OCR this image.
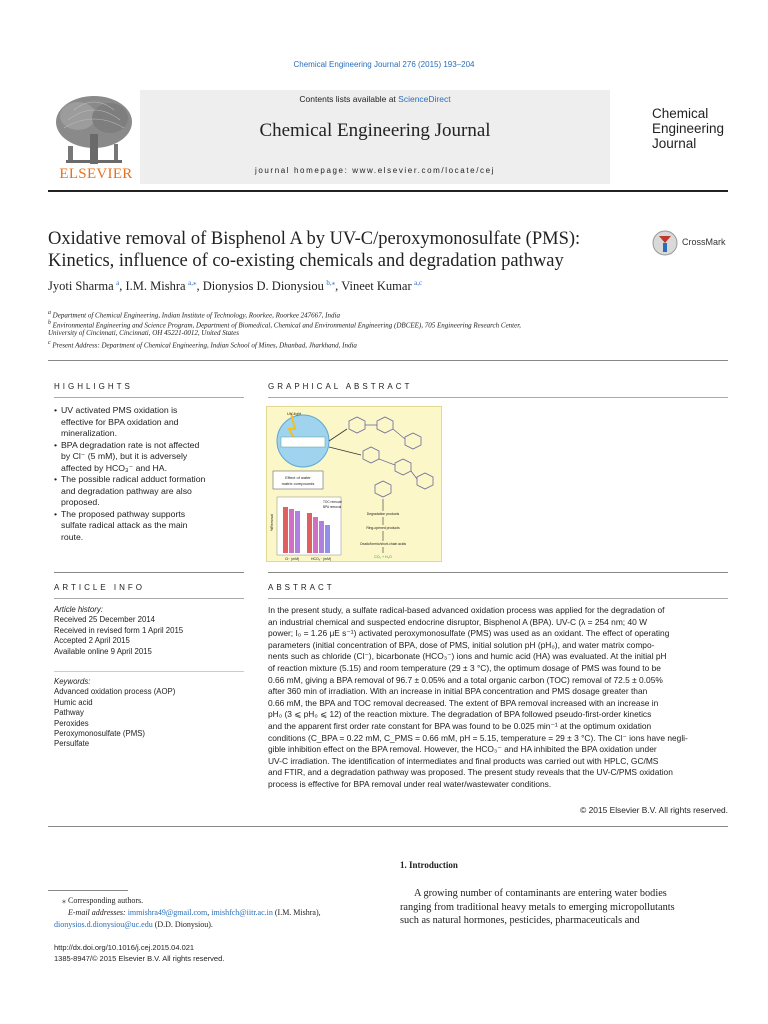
Chemical Engineering Journal 276 (2015) 193–204
ELSEVIER
Contents lists available at ScienceDirect
Chemical Engineering Journal
journal homepage: www.elsevier.com/locate/cej
Chemical
Engineering
Journal
Oxidative removal of Bisphenol A by UV-C/peroxymonosulfate (PMS):
Kinetics, influence of co-existing chemicals and degradation pathway
CrossMark
Jyoti Sharma  $^a$, I.M. Mishra  $^{a,⁎}$, Dionysios D. Dionysiou  $^{b,⁎}$, Vineet Kumar  $^{a,c}$
$^a$ Department of Chemical Engineering, Indian Institute of Technology, Roorkee, Roorkee 247667, India
$^b$ Environmental Engineering and Science Program, Department of Biomedical, Chemical and Environmental Engineering (DBCEE), 705 Engineering Research Center,
University of Cincinnati, Cincinnati, OH 45221-0012, United States
$^c$ Present Address: Department of Chemical Engineering, Indian School of Mines, Dhanbad, Jharkhand, India
HIGHLIGHTS
• UV activated PMS oxidation is
effective for BPA oxidation and
mineralization.
• BPA degradation rate is not affected
by Cl⁻ (5 mM), but it is adversely
affected by HCO₃⁻ and HA.
• The possible radical adduct formation
and degradation pathway are also
proposed.
• The proposed pathway supports
sulfate radical attack as the main
route.
GRAPHICAL ABSTRACT
Effect of water
matrix compounds
UV-light
%Removal
Cl⁻ (mM)	HCO₃⁻ (mM)
TOC removal
BPA removal
Degradation products
Ring-opened products
Oxalic/formic/short-chain acids
CO₂ + H₂O
ARTICLE INFO
Article history:
Received 25 December 2014
Received in revised form 1 April 2015
Accepted 2 April 2015
Available online 9 April 2015
Keywords:
Advanced oxidation process (AOP)
Humic acid
Pathway
Peroxides
Peroxymonosulfate (PMS)
Persulfate
ABSTRACT
In the present study, a sulfate radical-based advanced oxidation process was applied for the degradation of
an industrial chemical and suspected endocrine disruptor, Bisphenol A (BPA). UV-C (λ = 254 nm; 40 W
power; I₀ = 1.26 μE s⁻¹) activated peroxymonosulfate (PMS) was used as an oxidant. The effect of operating
parameters (initial concentration of BPA, dose of PMS, initial solution pH (pH₀), and water matrix compo-
nents such as chloride (Cl⁻), bicarbonate (HCO₃⁻) ions and humic acid (HA) was evaluated. At the initial pH
of reaction mixture (5.15) and room temperature (29 ± 3 °C), the optimum dosage of PMS was found to be
0.66 mM, giving a BPA removal of 96.7 ± 0.05% and a total organic carbon (TOC) removal of 72.5 ± 0.05%
after 360 min of irradiation. With an increase in initial BPA concentration and PMS dosage greater than
0.66 mM, the BPA and TOC removal decreased. The extent of BPA removal increased with an increase in
pH₀ (3 ⩽ pH₀ ⩽ 12) of the reaction mixture. The degradation of BPA followed pseudo-first-order kinetics
and the apparent first order rate constant for BPA was found to be 0.025 min⁻¹ at the optimum oxidation
conditions (C_BPA = 0.22 mM, C_PMS = 0.66 mM, pH = 5.15, temperature = 29 ± 3 °C). The Cl⁻ ions have negli-
gible inhibition effect on the BPA removal. However, the HCO₃⁻ and HA inhibited the BPA oxidation under
UV-C irradiation. The identification of intermediates and final products was carried out with HPLC, GC/MS
and FTIR, and a degradation pathway was proposed. The present study reveals that the UV-C/PMS oxidation
process is effective for BPA removal under real water/wastewater conditions.
© 2015 Elsevier B.V. All rights reserved.
1. Introduction
A growing number of contaminants are entering water bodies
ranging from traditional heavy metals to emerging micropollutants
such as natural hormones, pesticides, pharmaceuticals and
⁎ Corresponding authors.
E-mail addresses: immishra49@gmail.com, imishfch@iitr.ac.in (I.M. Mishra),
dionysios.d.dionysiou@uc.edu (D.D. Dionysiou).
http://dx.doi.org/10.1016/j.cej.2015.04.021
1385-8947/© 2015 Elsevier B.V. All rights reserved.
